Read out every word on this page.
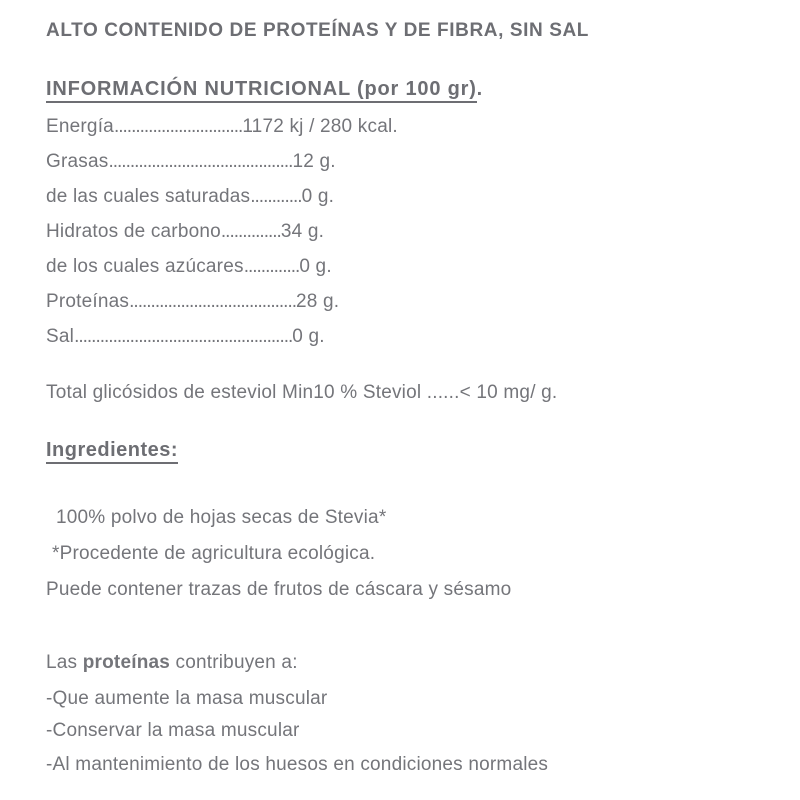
ALTO CONTENIDO DE PROTEÍNAS Y DE FIBRA, SIN SAL
INFORMACIÓN NUTRICIONAL (por 100 gr).
Energía..............................1172 kj / 280 kcal.
Grasas...........................................12 g.
de las cuales saturadas............0 g.
Hidratos de carbono..............34 g.
de los cuales azúcares.............0 g.
Proteínas.......................................28 g.
Sal...................................................0 g.
Total glicósidos de esteviol Min10 % Steviol ......< 10 mg/ g.
Ingredientes:
100% polvo de hojas secas de Stevia*
*Procedente de agricultura ecológica.
Puede contener trazas de frutos de cáscara y sésamo
Las proteínas contribuyen a:
-Que aumente la masa muscular
-Conservar la masa muscular
-Al mantenimiento de los huesos en condiciones normales
